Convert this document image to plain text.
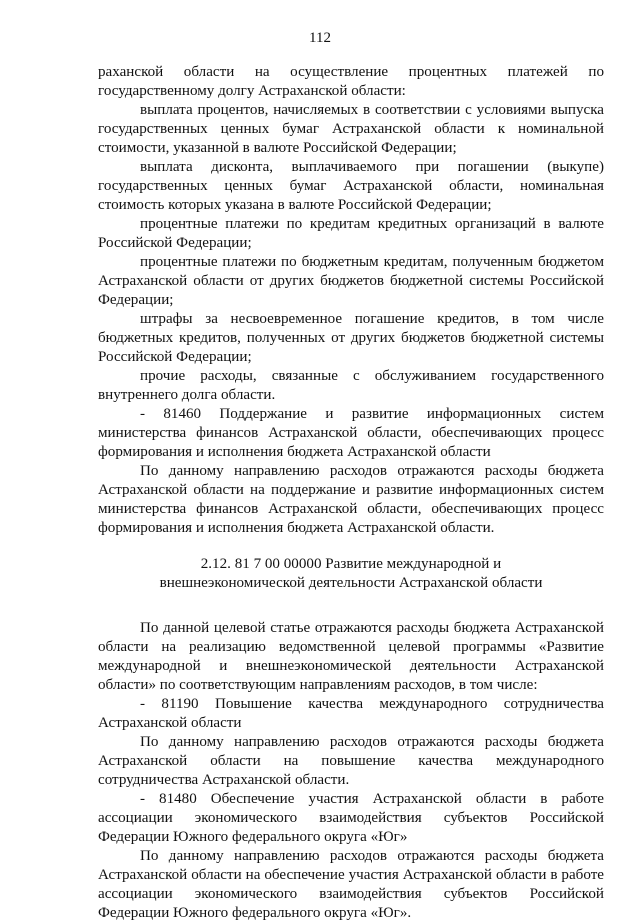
112

раханской области на осуществление процентных платежей по государственному долгу Астраханской области:

выплата процентов, начисляемых в соответствии с условиями выпуска государственных ценных бумаг Астраханской области к номинальной стоимости, указанной в валюте Российской Федерации;

выплата дисконта, выплачиваемого при погашении (выкупе) государственных ценных бумаг Астраханской области, номинальная стоимость которых указана в валюте Российской Федерации;

процентные платежи по кредитам кредитных организаций в валюте Российской Федерации;

процентные платежи по бюджетным кредитам, полученным бюджетом Астраханской области от других бюджетов бюджетной системы Российской Федерации;

штрафы за несвоевременное погашение кредитов, в том числе бюджетных кредитов, полученных от других бюджетов бюджетной системы Российской Федерации;

прочие расходы, связанные с обслуживанием государственного внутреннего долга области.

- 81460 Поддержание и развитие информационных систем министерства финансов Астраханской области, обеспечивающих процесс формирования и исполнения бюджета Астраханской области

По данному направлению расходов отражаются расходы бюджета Астраханской области на поддержание и развитие информационных систем министерства финансов Астраханской области, обеспечивающих процесс формирования и исполнения бюджета Астраханской области.

2.12. 81 7 00 00000 Развитие международной и
внешнеэкономической деятельности Астраханской области

По данной целевой статье отражаются расходы бюджета Астраханской области на реализацию ведомственной целевой программы «Развитие международной и внешнеэкономической деятельности Астраханской области» по соответствующим направлениям расходов, в том числе:

- 81190 Повышение качества международного сотрудничества Астраханской области

По данному направлению расходов отражаются расходы бюджета Астраханской области на повышение качества международного сотрудничества Астраханской области.

- 81480 Обеспечение участия Астраханской области в работе ассоциации экономического взаимодействия субъектов Российской Федерации Южного федерального округа «Юг»

По данному направлению расходов отражаются расходы бюджета Астраханской области на обеспечение участия Астраханской области в работе ассоциации экономического взаимодействия субъектов Российской Федерации Южного федерального округа «Юг».
